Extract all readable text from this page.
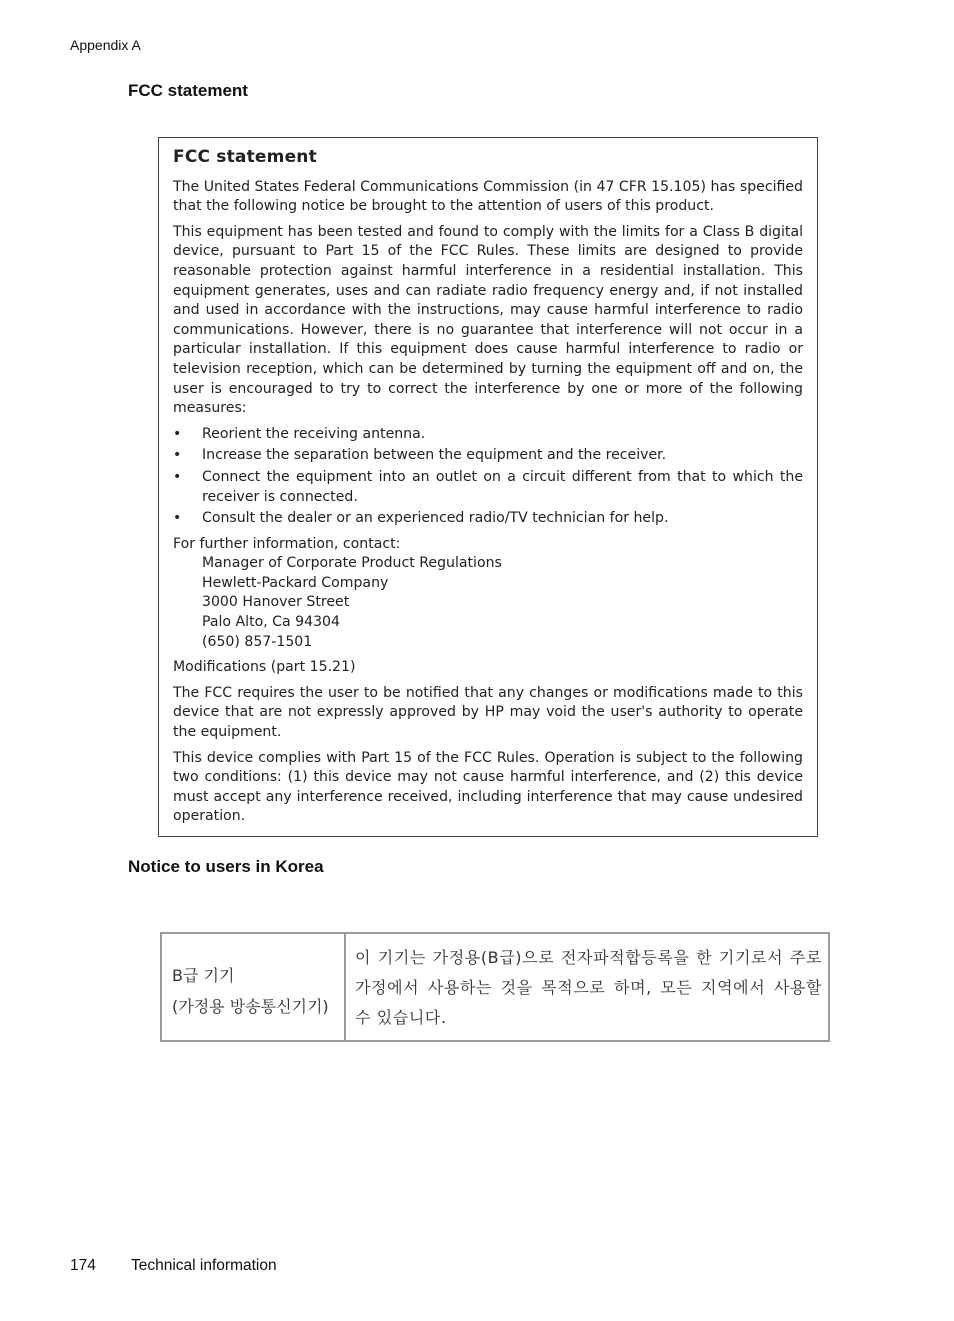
Appendix A
FCC statement
FCC statement

The United States Federal Communications Commission (in 47 CFR 15.105) has specified that the following notice be brought to the attention of users of this product.

This equipment has been tested and found to comply with the limits for a Class B digital device, pursuant to Part 15 of the FCC Rules. These limits are designed to provide reasonable protection against harmful interference in a residential installation. This equipment generates, uses and can radiate radio frequency energy and, if not installed and used in accordance with the instructions, may cause harmful interference to radio communications. However, there is no guarantee that interference will not occur in a particular installation. If this equipment does cause harmful interference to radio or television reception, which can be determined by turning the equipment off and on, the user is encouraged to try to correct the interference by one or more of the following measures:

• Reorient the receiving antenna.
• Increase the separation between the equipment and the receiver.
• Connect the equipment into an outlet on a circuit different from that to which the receiver is connected.
• Consult the dealer or an experienced radio/TV technician for help.
For further information, contact:
Manager of Corporate Product Regulations
Hewlett-Packard Company
3000 Hanover Street
Palo Alto, Ca 94304
(650) 857-1501

Modifications (part 15.21)

The FCC requires the user to be notified that any changes or modifications made to this device that are not expressly approved by HP may void the user's authority to operate the equipment.

This device complies with Part 15 of the FCC Rules. Operation is subject to the following two conditions: (1) this device may not cause harmful interference, and (2) this device must accept any interference received, including interference that may cause undesired operation.

Notice to users in Korea
B급 기기
(가정용 방송통신기기)
이 기기는 가정용(B급)으로 전자파적합등록을 한 기기로서 주로 가정에서 사용하는 것을 목적으로 하며, 모든 지역에서 사용할 수 있습니다.
174 Technical information
